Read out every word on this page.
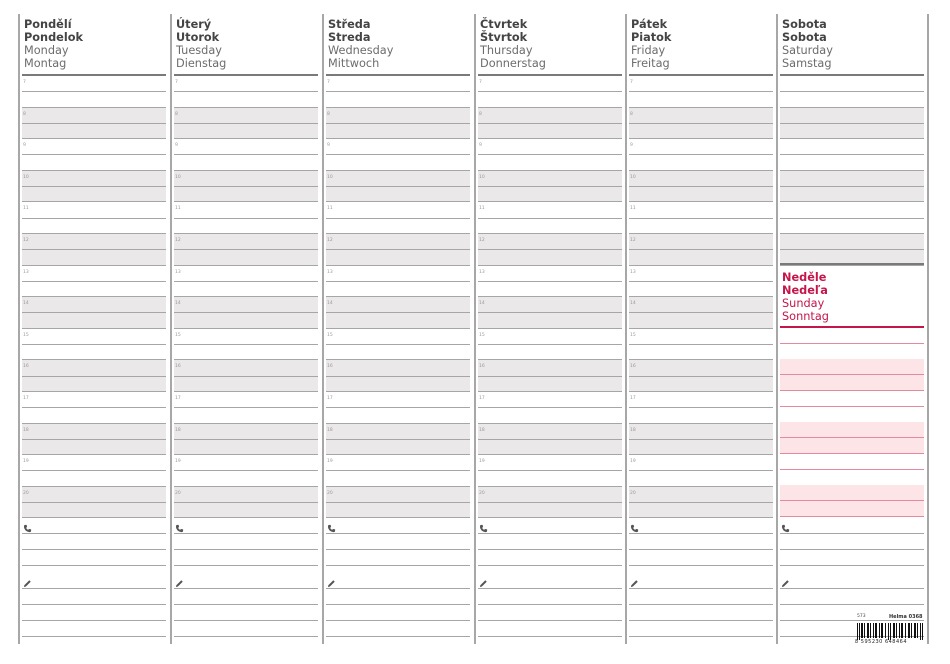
Pondělí
Pondelok
Monday
Montag
7
8
9
10
11
12
13
14
15
16
17
18
19
20
Úterý
Utorok
Tuesday
Dienstag
7
8
9
10
11
12
13
14
15
16
17
18
19
20
Středa
Streda
Wednesday
Mittwoch
7
8
9
10
11
12
13
14
15
16
17
18
19
20
Čtvrtek
Štvrtok
Thursday
Donnerstag
7
8
9
10
11
12
13
14
15
16
17
18
19
20
Pátek
Piatok
Friday
Freitag
7
8
9
10
11
12
13
14
15
16
17
18
19
20
Sobota
Sobota
Saturday
Samstag
Neděle
Nedeľa
Sunday
Sonntag
573	Helma 0368
8 595230 648464
